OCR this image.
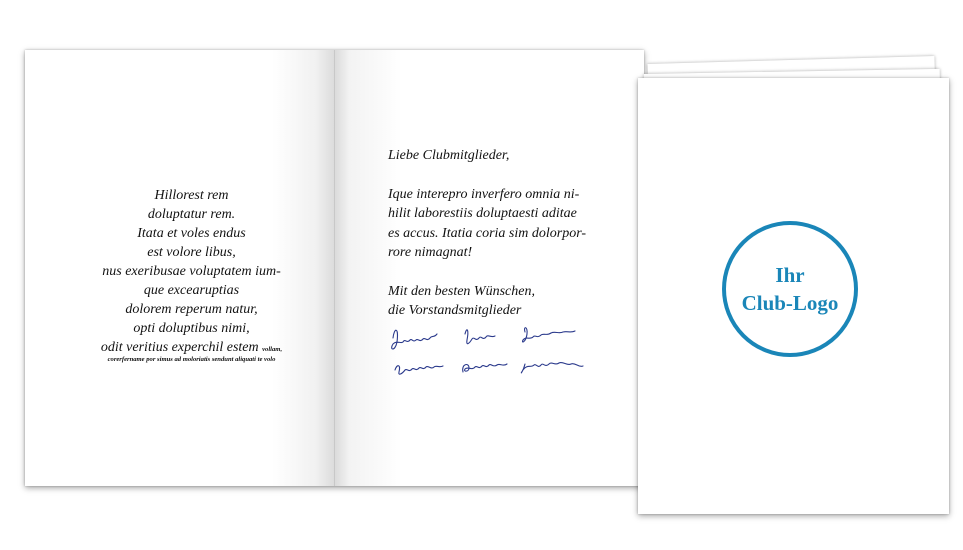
Hillorest rem
doluptatur rem.
Itata et voles endus
est volore libus,
nus exeribusae voluptatem ium-
que excearuptias
dolorem reperum natur,
opti doluptibus nimi,
odit veritius experchil estem vollam,
corerfername por simus ad moloriatis sendunt aliquati te volo
Liebe Clubmitglieder,
Ique interepro inverfero omnia ni-
hilit laborestiis doluptaesti aditae
es accus. Itatia coria sim dolorpor-
rore nimagnat!
Mit den besten Wünschen,
die Vorstandsmitglieder
Ihr
Club-Logo
